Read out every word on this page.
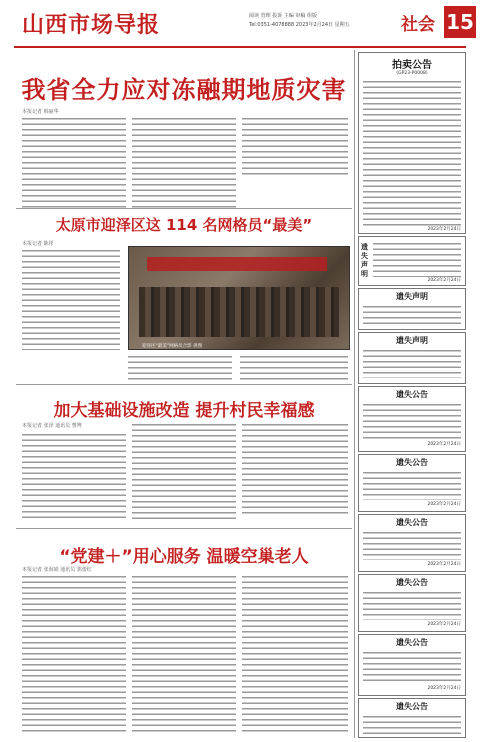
山西市场导报	阅读 管理 投诉 主编 审稿 组版
Tel:0351-4078888 2023年2月24日 星期五	社会 15
我省全力应对冻融期地质灾害
本报记者 韩丽华
太原市迎泽区这 114 名网格员“最美”
本报记者 陈彤
迎泽区“最美”网格员合影 供图
加大基础设施改造 提升村民幸福感
本报记者 张泽 通讯员 曹博
“党建＋”用心服务 温暖空巢老人
本报记者 张海娟 通讯员 郭蕾红
拍卖公告
(GP23-P0008)
2023年2月24日
遗
失
声
明
2023年2月24日
遗失声明
遗失声明
遗失公告
2023年2月24日
遗失公告
2023年2月24日
遗失公告
2023年2月24日
遗失公告
2023年2月24日
遗失公告
2023年2月24日
遗失公告
